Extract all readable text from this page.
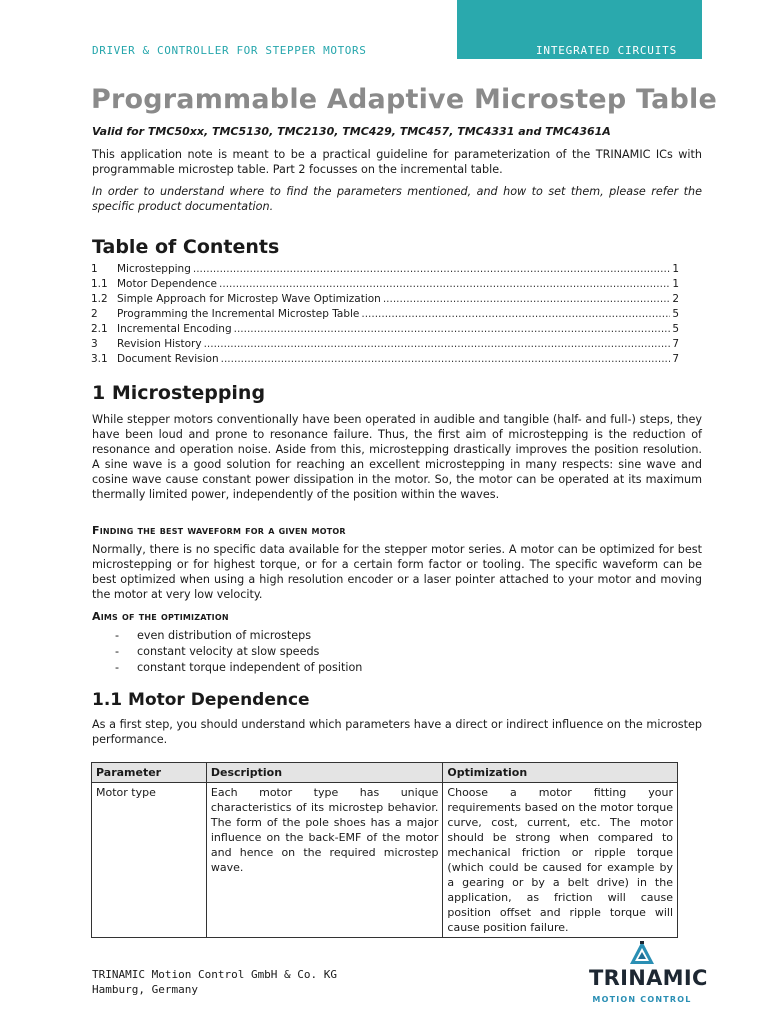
DRIVER & CONTROLLER FOR STEPPER MOTORS	INTEGRATED CIRCUITS
Programmable Adaptive Microstep Table
Valid for TMC50xx, TMC5130, TMC2130, TMC429, TMC457, TMC4331 and TMC4361A

This application note is meant to be a practical guideline for parameterization of the TRINAMIC ICs with programmable microstep table. Part 2 focusses on the incremental table.

In order to understand where to find the parameters mentioned, and how to set them, please refer the specific product documentation.

Table of Contents
1	Microstepping .....	1
1.1 Motor Dependence .....	1
1.2 Simple Approach for Microstep Wave Optimization .....	2
2	Programming the Incremental Microstep Table .....	5
2.1 Incremental Encoding .....	5
3	Revision History .....	7
3.1 Document Revision .....	7
1 Microstepping

While stepper motors conventionally have been operated in audible and tangible (half- and full-) steps, they have been loud and prone to resonance failure. Thus, the first aim of microstepping is the reduction of resonance and operation noise. Aside from this, microstepping drastically improves the position resolution. A sine wave is a good solution for reaching an excellent microstepping in many respects: sine wave and cosine wave cause constant power dissipation in the motor. So, the motor can be operated at its maximum thermally limited power, independently of the position within the waves.

Finding the best waveform for a given motor

Normally, there is no specific data available for the stepper motor series. A motor can be optimized for best microstepping or for highest torque, or for a certain form factor or tooling. The specific waveform can be best optimized when using a high resolution encoder or a laser pointer attached to your motor and moving the motor at very low velocity.

Aims of the optimization
-	even distribution of microsteps
-	constant velocity at slow speeds
-	constant torque independent of position
1.1 Motor Dependence

As a first step, you should understand which parameters have a direct or indirect influence on the microstep performance.

Parameter	Description	Optimization
Motor type	Each motor type has unique characteristics of its microstep behavior. The form of the pole shoes has a major influence on the back-EMF of the motor and hence on the required microstep wave.	Choose a motor fitting your requirements based on the motor torque curve, cost, current, etc. The motor should be strong when compared to mechanical friction or ripple torque (which could be caused for example by a gearing or by a belt drive) in the application, as friction will cause position offset and ripple torque will cause position failure.
TRINAMIC Motion Control GmbH & Co. KG
Hamburg, Germany	TRINAMIC
MOTION CONTROL
